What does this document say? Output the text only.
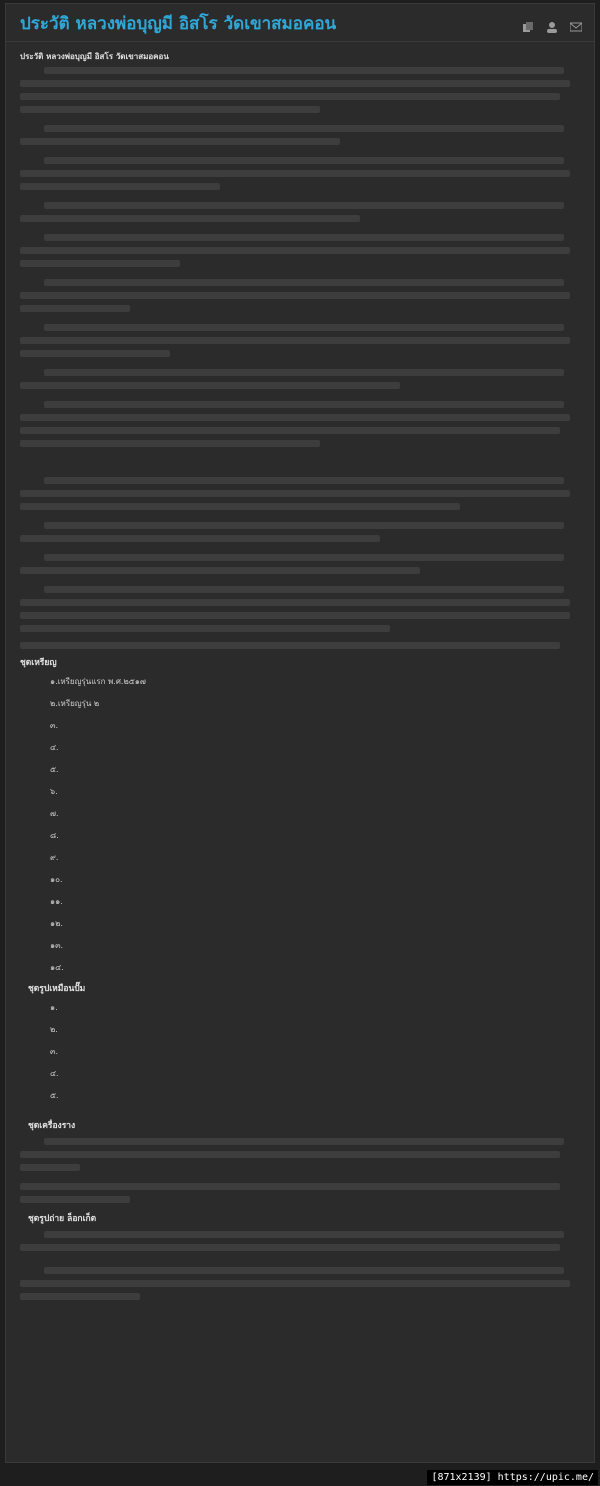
ประวัติ หลวงพ่อบุญมี อิสโร วัดเขาสมอคอน
ประวัติ หลวงพ่อบุญมี อิสโร วัดเขาสมอคอน
ชุดเหรียญ
๑.เหรียญรุ่นแรก พ.ศ.๒๕๑๗
๒.เหรียญรุ่น ๒
๓.
๔.
๕.
๖.
๗.
๘.
๙.
๑๐.
๑๑.
๑๒.
๑๓.
๑๔.
ชุดรูปเหมือนปั๊ม
๑.
๒.
๓.
๔.
๕.
ชุดเครื่องราง
ชุดรูปถ่าย ล็อกเก็ต
[871x2139] https://upic.me/
